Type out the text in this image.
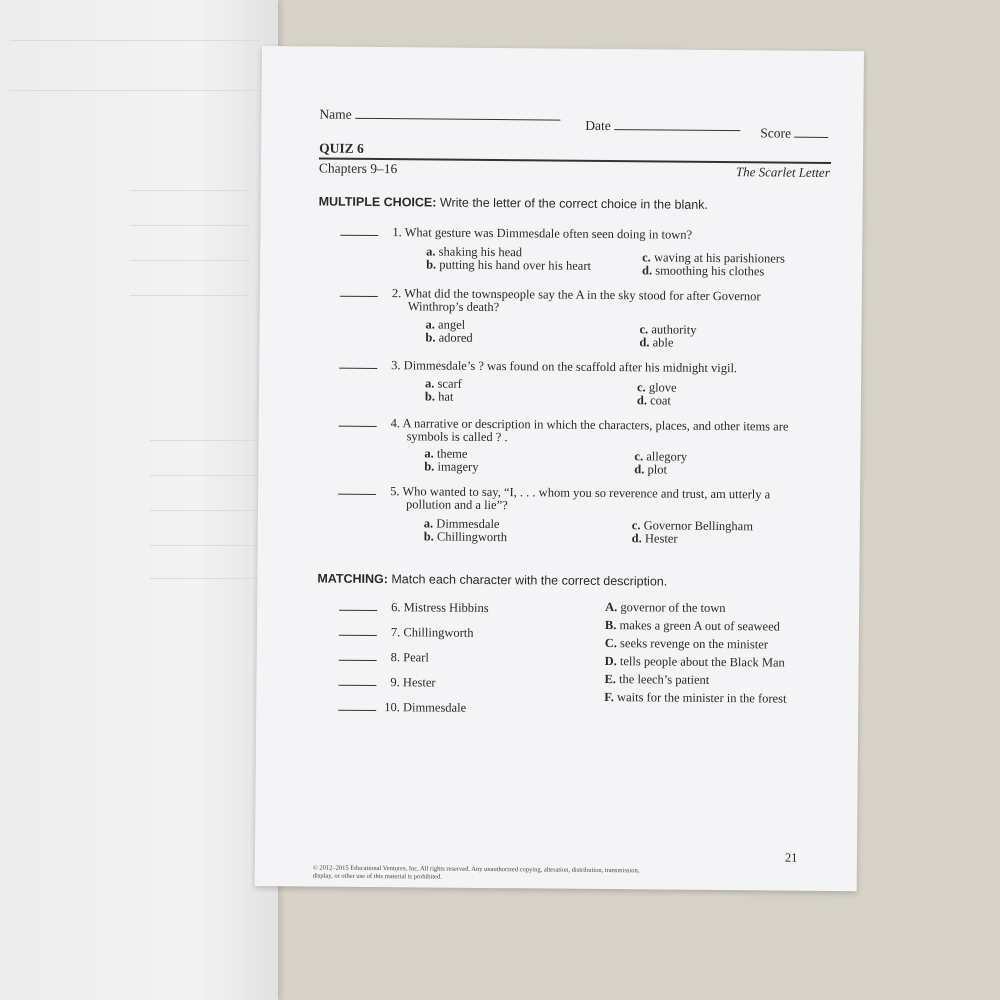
Name
Date	Score
QUIZ 6
Chapters 9–16	The Scarlet Letter
MULTIPLE CHOICE: Write the letter of the correct choice in the blank.
1. What gesture was Dimmesdale often seen doing in town?
a. shaking his head
b. putting his hand over his heart
c. waving at his parishioners
d. smoothing his clothes
2. What did the townspeople say the A in the sky stood for after Governor
Winthrop’s death?
a. angel
b. adored
c. authority
d. able
3. Dimmesdale’s ? was found on the scaffold after his midnight vigil.
a. scarf
b. hat
c. glove
d. coat
4. A narrative or description in which the characters, places, and other items are
symbols is called ? .
a. theme
b. imagery
c. allegory
d. plot
5. Who wanted to say, “I, . . . whom you so reverence and trust, am utterly a
pollution and a lie”?
a. Dimmesdale
b. Chillingworth
c. Governor Bellingham
d. Hester
MATCHING: Match each character with the correct description.
6. Mistress Hibbins
7. Chillingworth
8. Pearl
9. Hester
10. Dimmesdale
A. governor of the town
B. makes a green A out of seaweed
C. seeks revenge on the minister
D. tells people about the Black Man
E. the leech’s patient
F. waits for the minister in the forest
21
© 2012–2015 Educational Ventures, Inc. All rights reserved. Any unauthorized copying, alteration, distribution, transmission,
display, or other use of this material is prohibited.
